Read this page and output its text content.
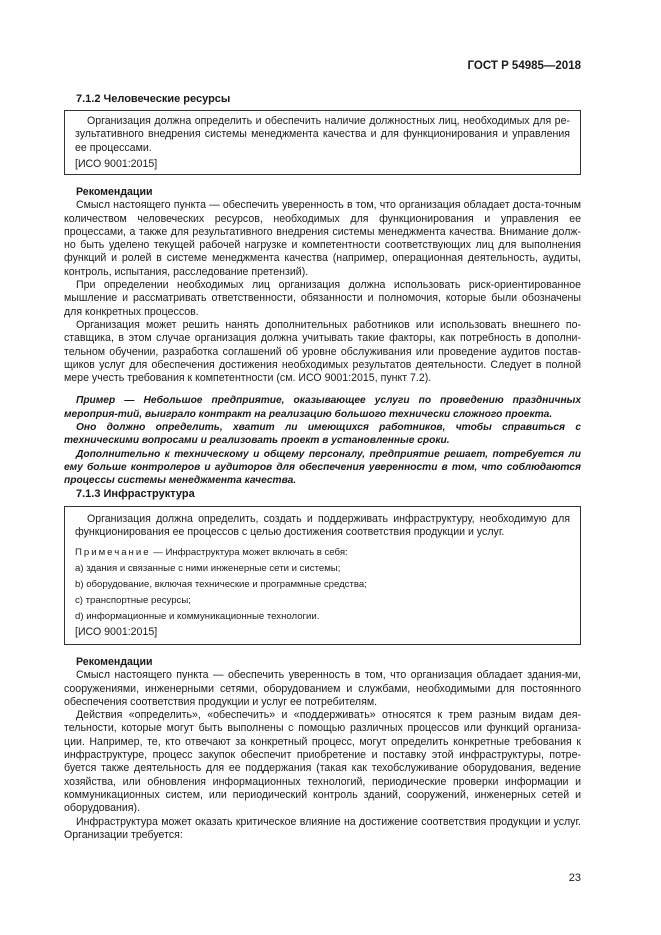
ГОСТ Р 54985—2018
7.1.2 Человеческие ресурсы

Организация должна определить и обеспечить наличие должностных лиц, необходимых для ре-зультативного внедрения системы менеджмента качества и для функционирования и управления ее процессами.

[ИСО 9001:2015]

Рекомендации

Смысл настоящего пункта — обеспечить уверенность в том, что организация обладает доста-точным количеством человеческих ресурсов, необходимых для функционирования и управления ее процессами, а также для результативного внедрения системы менеджмента качества. Внимание долж-но быть уделено текущей рабочей нагрузке и компетентности соответствующих лиц для выполнения функций и ролей в системе менеджмента качества (например, операционная деятельность, аудиты, контроль, испытания, расследование претензий).

При определении необходимых лиц организация должна использовать риск-ориентированное мышление и рассматривать ответственности, обязанности и полномочия, которые были обозначены для конкретных процессов.

Организация может решить нанять дополнительных работников или использовать внешнего по-ставщика, в этом случае организация должна учитывать такие факторы, как потребность в дополни-тельном обучении, разработка соглашений об уровне обслуживания или проведение аудитов постав-щиков услуг для обеспечения достижения необходимых результатов деятельности. Следует в полной мере учесть требования к компетентности (см. ИСО 9001:2015, пункт 7.2).

Пример — Небольшое предприятие, оказывающее услуги по проведению праздничных мероприя-тий, выиграло контракт на реализацию большого технически сложного проекта.

Оно должно определить, хватит ли имеющихся работников, чтобы справиться с техническими вопросами и реализовать проект в установленные сроки.

Дополнительно к техническому и общему персоналу, предприятие решает, потребуется ли ему больше контролеров и аудиторов для обеспечения уверенности в том, что соблюдаются процессы системы менеджмента качества.

7.1.3 Инфраструктура

Организация должна определить, создать и поддерживать инфраструктуру, необходимую для функционирования ее процессов с целью достижения соответствия продукции и услуг.

Примечание — Инфраструктура может включать в себя:

a) здания и связанные с ними инженерные сети и системы;

b) оборудование, включая технические и программные средства;

c) транспортные ресурсы;

d) информационные и коммуникационные технологии.

[ИСО 9001:2015]

Рекомендации

Смысл настоящего пункта — обеспечить уверенность в том, что организация обладает здания-ми, сооружениями, инженерными сетями, оборудованием и службами, необходимыми для постоянного обеспечения соответствия продукции и услуг ее потребителям.

Действия «определить», «обеспечить» и «поддерживать» относятся к трем разным видам дея-тельности, которые могут быть выполнены с помощью различных процессов или функций организа-ции. Например, те, кто отвечают за конкретный процесс, могут определить конкретные требования к инфраструктуре, процесс закупок обеспечит приобретение и поставку этой инфраструктуры, потре-буется также деятельность для ее поддержания (такая как техобслуживание оборудования, ведение хозяйства, или обновления информационных технологий, периодические проверки информации и коммуникационных систем, или периодический контроль зданий, сооружений, инженерных сетей и оборудования).

Инфраструктура может оказать критическое влияние на достижение соответствия продукции и услуг. Организации требуется:

23
